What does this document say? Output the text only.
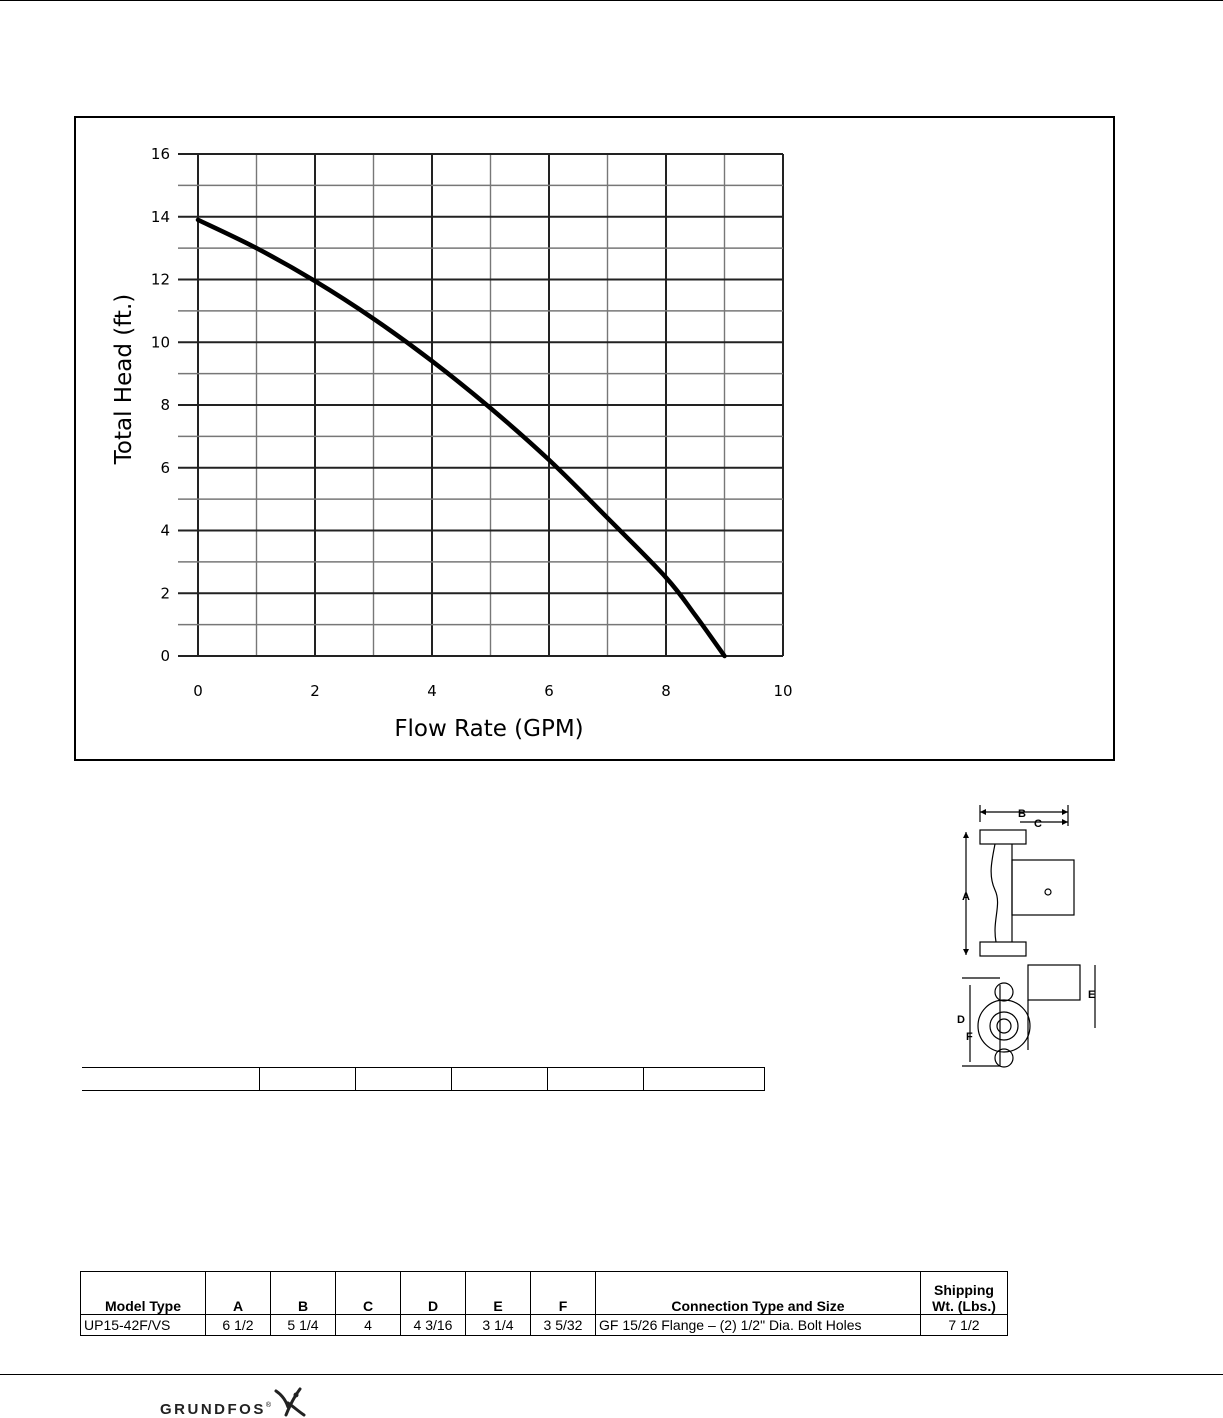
0	2	4	6	8	10
0
2
4
6
8
10
12
14
16
Flow Rate (GPM)
Total Head (ft.)
B
C
A
D
E
F

Model Type	A	B	C	D	E	F	Connection Type and Size	Shipping
Wt. (Lbs.)
UP15-42F/VS	6 1/2	5 1/4	4	4 3/16	3 1/4	3 5/32	GF 15/26 Flange – (2) 1/2" Dia. Bolt Holes	7 1/2
GRUNDFOS ®
